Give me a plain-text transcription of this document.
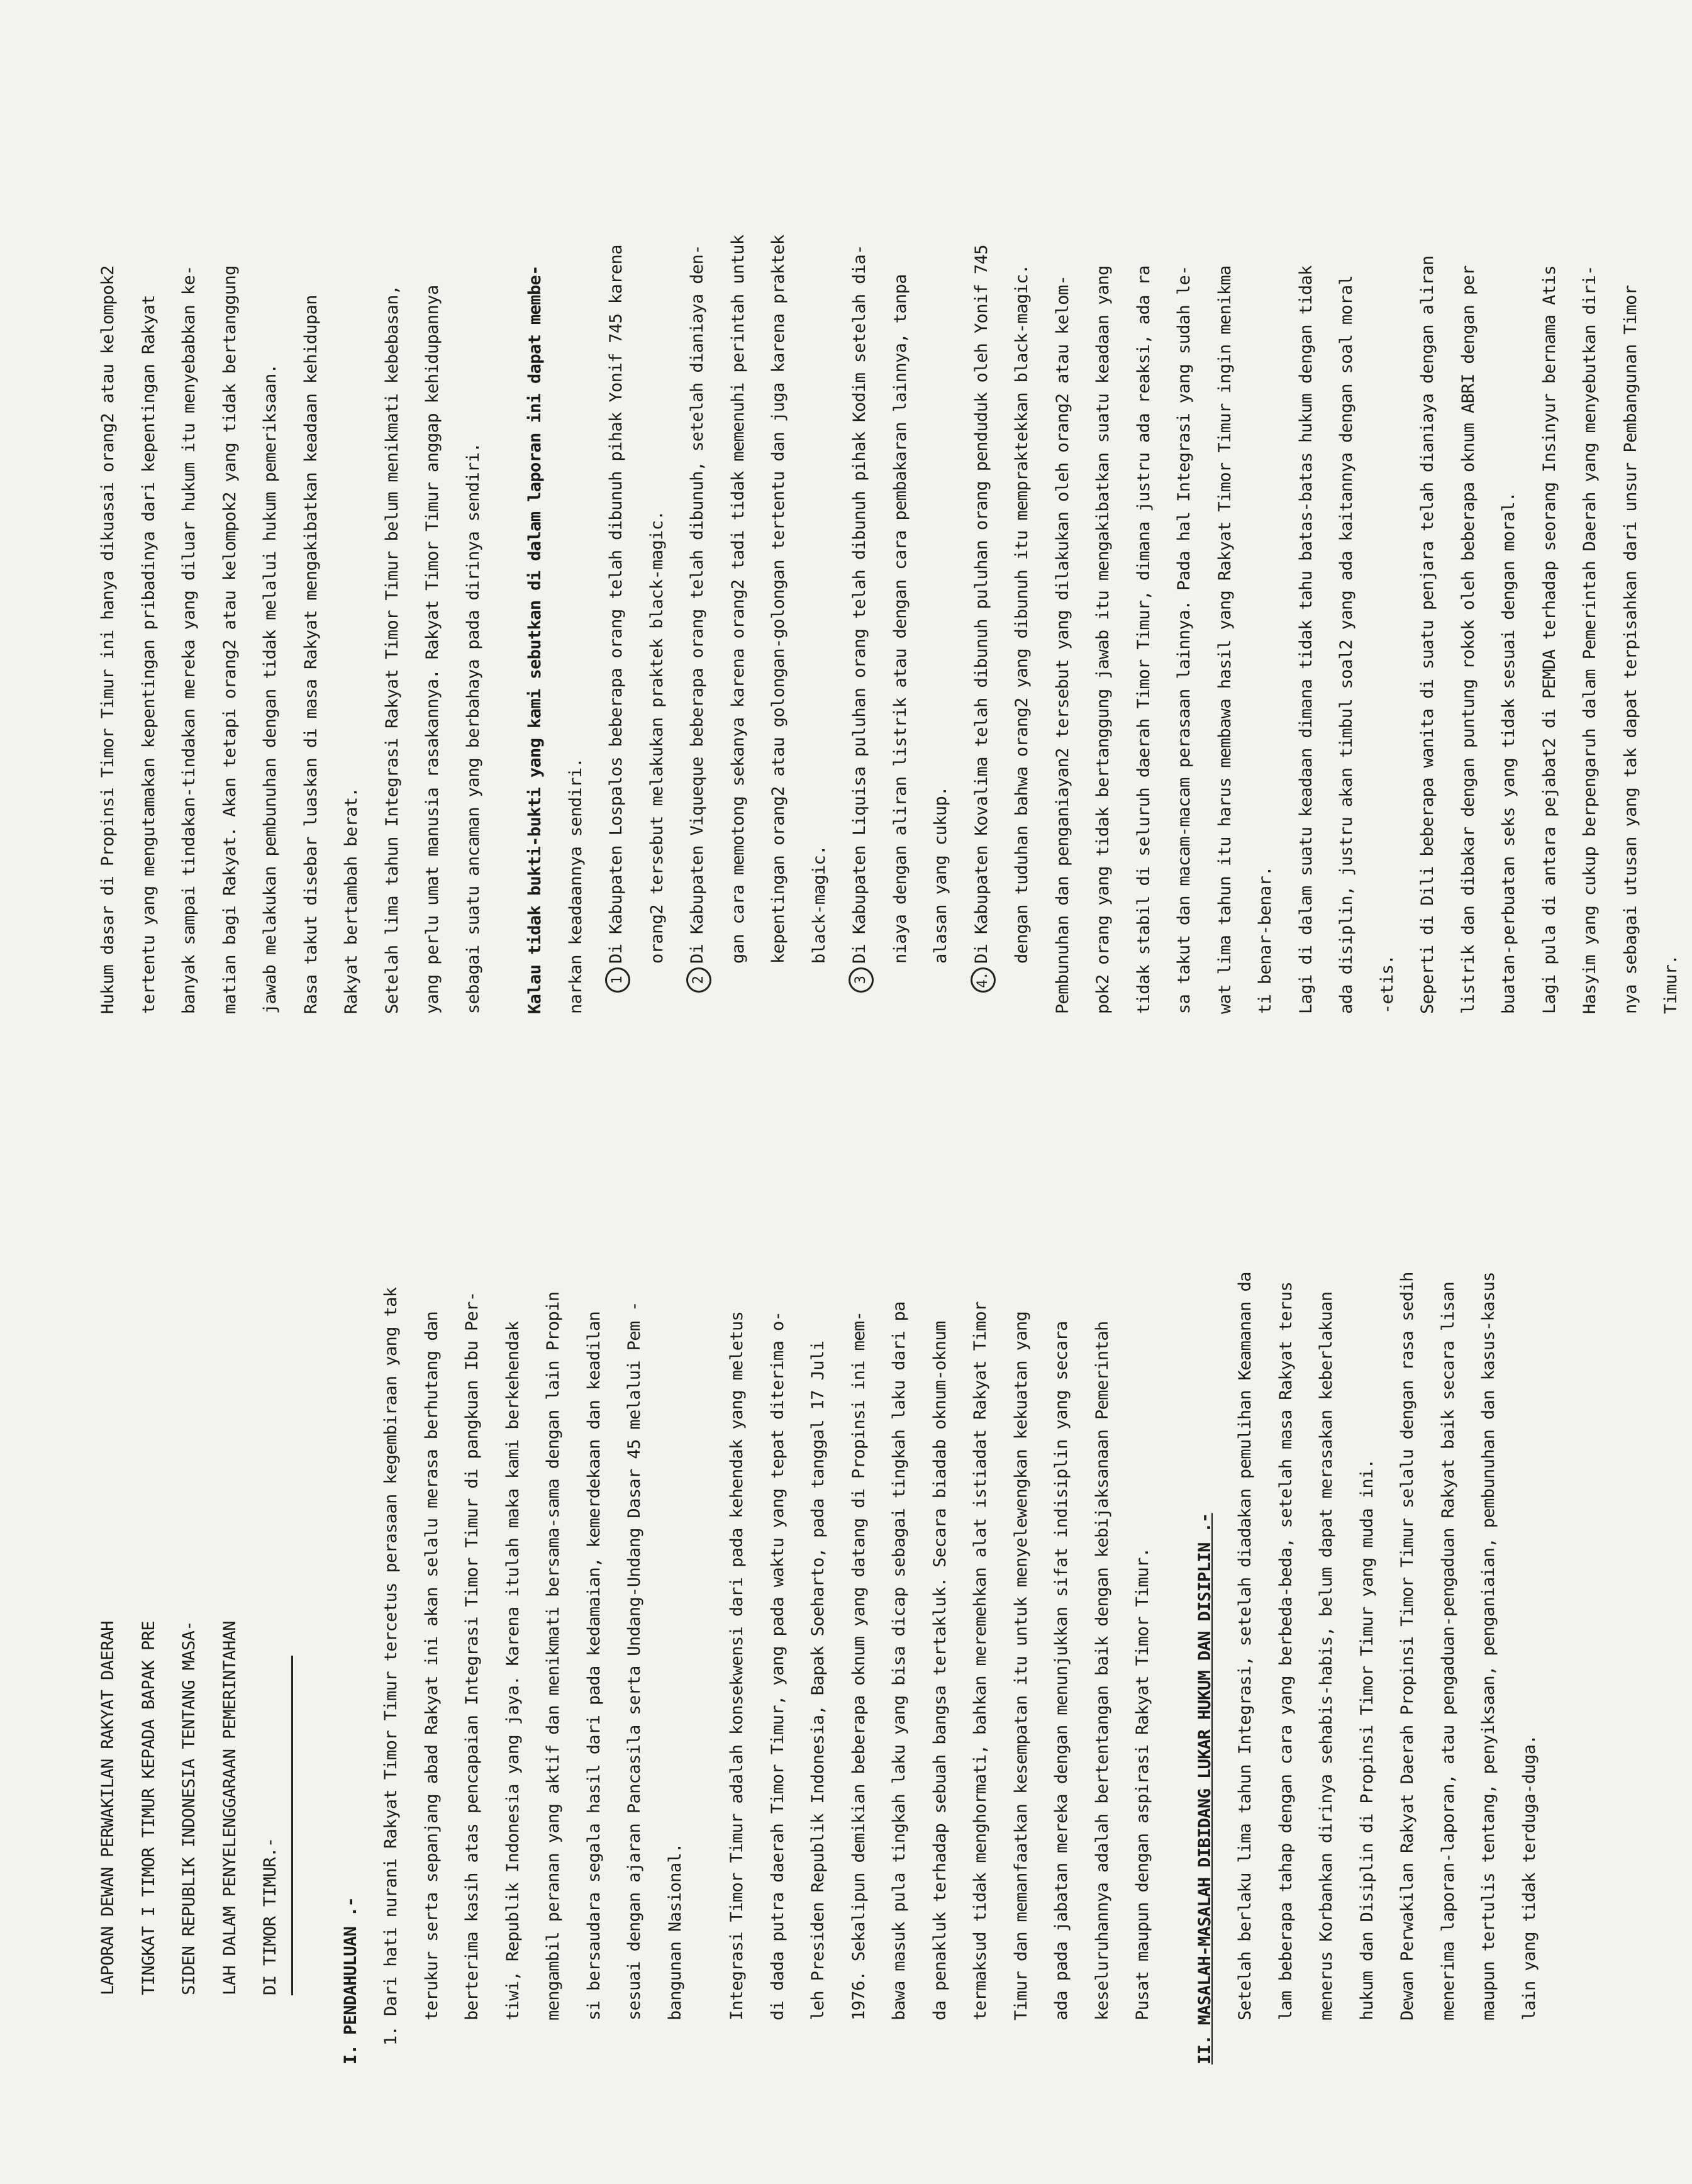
LAPORAN DEWAN PERWAKILAN RAKYAT DAERAH	TINGKAT I TIMOR TIMUR KEPADA BAPAK PRE	SIDEN REPUBLIK INDONESIA TENTANG MASA-	LAH DALAM PENYELENGGARAAN PEMERINTAHAN	DI TIMOR TIMUR.-	I. PENDAHULUAN .-	1. Dari hati nurani Rakyat Timor Timur tercetus perasaan kegembiraan yang tak	terukur serta sepanjang abad Rakyat ini akan selalu merasa berhutang dan	berterima kasih atas pencapaian Integrasi Timor Timur di pangkuan Ibu Per-	tiwi, Republik Indonesia yang jaya. Karena itulah maka kami berkehendak	mengambil peranan yang aktif dan menikmati bersama-sama dengan lain Propin	si bersaudara segala hasil dari pada kedamaian, kemerdekaan dan keadilan	sesuai dengan ajaran Pancasila serta Undang-Undang Dasar 45 melalui Pem -	bangunan Nasional.	Integrasi Timor Timur adalah konsekwensi dari pada kehendak yang meletus	di dada putra daerah Timor Timur, yang pada waktu yang tepat diterima o-	leh Presiden Republik Indonesia, Bapak Soeharto, pada tanggal 17 Juli	1976. Sekalipun demikian beberapa oknum yang datang di Propinsi ini mem-	bawa masuk pula tingkah laku yang bisa dicap sebagai tingkah laku dari pa	da penakluk terhadap sebuah bangsa tertakluk. Secara biadab oknum-oknum	termaksud tidak menghormati, bahkan meremehkan alat istiadat Rakyat Timor	Timur dan memanfaatkan kesempatan itu untuk menyelewengkan kekuatan yang	ada pada jabatan mereka dengan menunjukkan sifat indisiplin yang secara	keseluruhannya adalah bertentangan baik dengan kebijaksanaan Pemerintah	Pusat maupun dengan aspirasi Rakyat Timor Timur.	II. MASALAH-MASALAH DIBIDANG LUKAR HUKUM DAN DISIPLIN .-	Setelah berlaku lima tahun Integrasi, setelah diadakan pemulihan Keamanan da	lam beberapa tahap dengan cara yang berbeda-beda, setelah masa Rakyat terus	menerus Korbankan dirinya sehabis-habis, belum dapat merasakan keberlakuan	hukum dan Disiplin di Propinsi Timor Timur yang muda ini.	Dewan Perwakilan Rakyat Daerah Propinsi Timor Timur selalu dengan rasa sedih	menerima laporan-laporan, atau pengaduan-pengaduan Rakyat baik secara lisan	maupun tertulis tentang, penyiksaan, penganiaian, pembunuhan dan kasus-kasus	lain yang tidak terduga-duga.

Hukum dasar di Propinsi Timor Timur ini hanya dikuasai orang2 atau kelompok2	tertentu yang mengutamakan kepentingan pribadinya dari kepentingan Rakyat	banyak sampai tindakan-tindakan mereka yang diluar hukum itu menyebabkan ke-	matian bagi Rakyat. Akan tetapi orang2 atau kelompok2 yang tidak bertanggung	jawab melakukan pembunuhan dengan tidak melalui hukum pemeriksaan.	Rasa takut disebar luaskan di masa Rakyat mengakibatkan keadaan kehidupan	Rakyat bertambah berat.	Setelah lima tahun Integrasi Rakyat Timor Timur belum menikmati kebebasan,	yang perlu umat manusia rasakannya. Rakyat Timor Timur anggap kehidupannya	sebagai suatu ancaman yang berbahaya pada dirinya sendiri.	Kalau tidak bukti-bukti yang kami sebutkan di dalam laporan ini dapat membe-	narkan keadaannya sendiri.	1Di Kabupaten Lospalos beberapa orang telah dibunuh pihak Yonif 745 karena	orang2 tersebut melakukan praktek black-magic.

2Di Kabupaten Viqueque beberapa orang telah dibunuh, setelah dianiaya den-	gan cara memotong sekanya karena orang2 tadi tidak memenuhi perintah untuk	kepentingan orang2 atau golongan-golongan tertentu dan juga karena praktek	black-magic.

3Di Kabupaten Liquisa puluhan orang telah dibunuh pihak Kodim setelah dia-	niaya dengan aliran listrik atau dengan cara pembakaran lainnya, tanpa	alasan yang cukup.

4.Di Kabupaten Kovalima telah dibunuh puluhan orang penduduk oleh Yonif 745	dengan tuduhan bahwa orang2 yang dibunuh itu mempraktekkan black-magic.	Pembunuhan dan penganiayan2 tersebut yang dilakukan oleh orang2 atau kelom-	pok2 orang yang tidak bertanggung jawab itu mengakibatkan suatu keadaan yang	tidak stabil di seluruh daerah Timor Timur, dimana justru ada reaksi, ada ra	sa takut dan macam-macam perasaan lainnya. Pada hal Integrasi yang sudah le-	wat lima tahun itu harus membawa hasil yang Rakyat Timor Timur ingin menikma	ti benar-benar.	Lagi di dalam suatu keadaan dimana tidak tahu batas-batas hukum dengan tidak	ada disiplin, justru akan timbul soal2 yang ada kaitannya dengan soal moral	-etis.	Seperti di Dili beberapa wanita di suatu penjara telah dianiaya dengan aliran	listrik dan dibakar dengan puntung rokok oleh beberapa oknum ABRI dengan per	buatan-perbuatan seks yang tidak sesuai dengan moral.	Lagi pula di antara pejabat2 di PEMDA terhadap seorang Insinyur bernama Atis	Hasyim yang cukup berpengaruh dalam Pemerintah Daerah yang menyebutkan diri-	nya sebagai utusan yang tak dapat terpisahkan dari unsur Pembangunan Timor	Timur.
